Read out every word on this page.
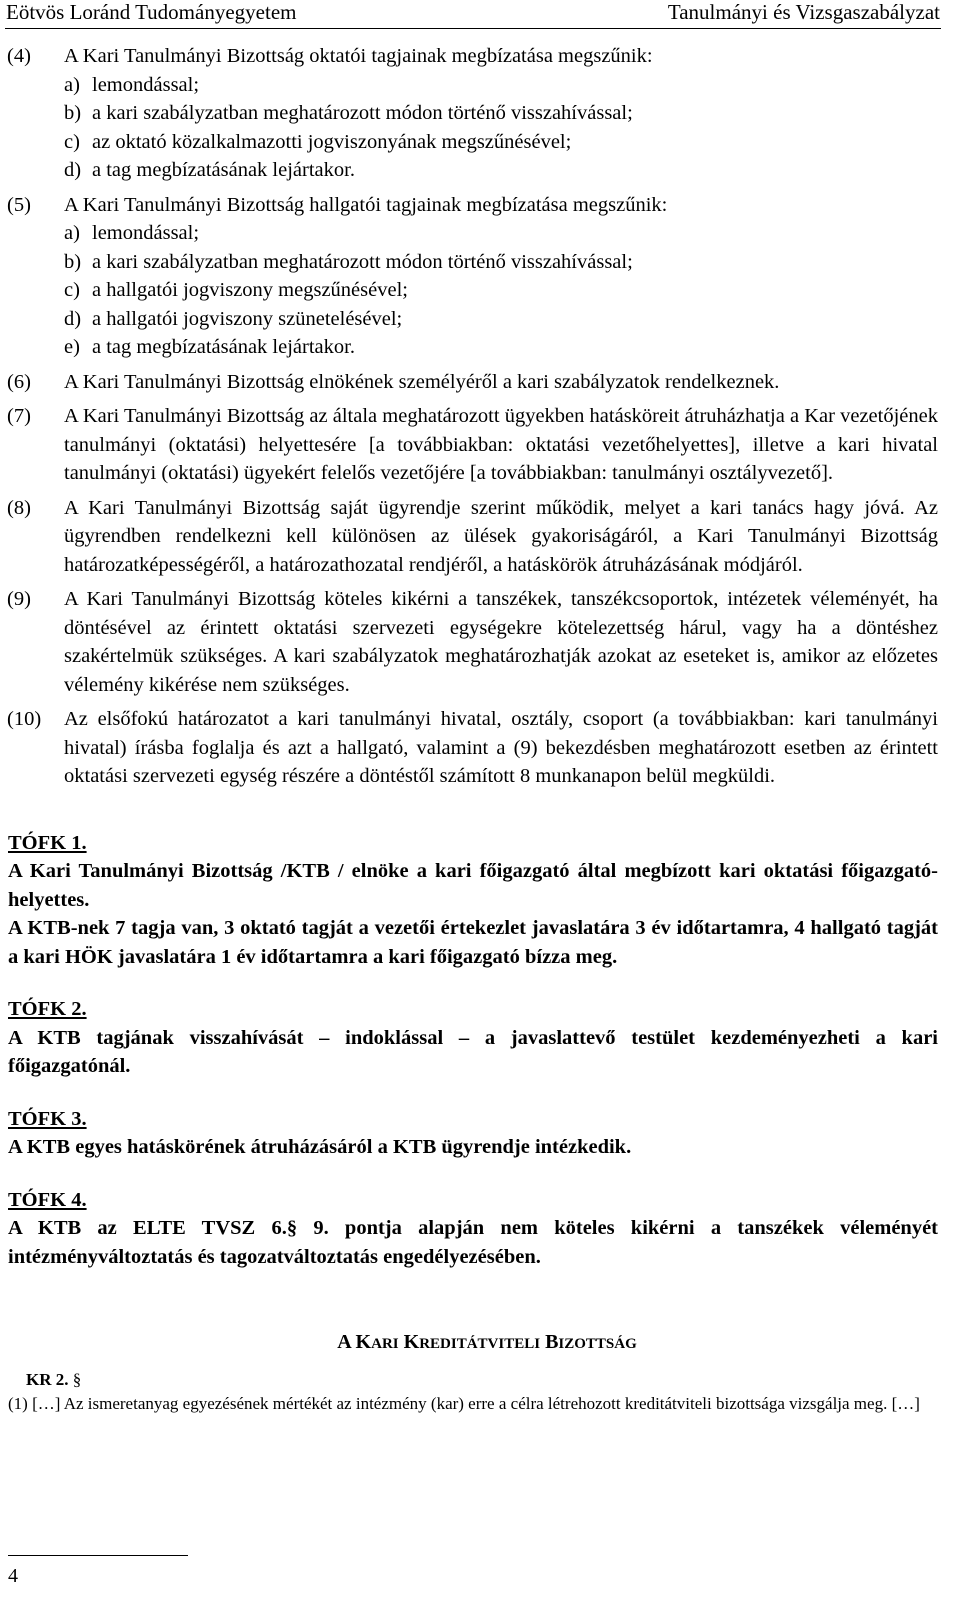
Eötvös Loránd Tudományegyetem	Tanulmányi és Vizsgaszabályzat
(4) A Kari Tanulmányi Bizottság oktatói tagjainak megbízatása megszűnik:
a) lemondással;
b) a kari szabályzatban meghatározott módon történő visszahívással;
c) az oktató közalkalmazotti jogviszonyának megszűnésével;
d) a tag megbízatásának lejártakor.
(5) A Kari Tanulmányi Bizottság hallgatói tagjainak megbízatása megszűnik:
a) lemondással;
b) a kari szabályzatban meghatározott módon történő visszahívással;
c) a hallgatói jogviszony megszűnésével;
d) a hallgatói jogviszony szünetelésével;
e) a tag megbízatásának lejártakor.
(6) A Kari Tanulmányi Bizottság elnökének személyéről a kari szabályzatok rendelkeznek.
(7) A Kari Tanulmányi Bizottság az általa meghatározott ügyekben hatásköreit átruházhatja a Kar vezetőjének tanulmányi (oktatási) helyettesére [a továbbiakban: oktatási vezetőhelyettes], illetve a kari hivatal tanulmányi (oktatási) ügyekért felelős vezetőjére [a továbbiakban: tanulmányi osztályvezető].
(8) A Kari Tanulmányi Bizottság saját ügyrendje szerint működik, melyet a kari tanács hagy jóvá. Az ügyrendben rendelkezni kell különösen az ülések gyakoriságáról, a Kari Tanulmányi Bizottság határozatképességéről, a határozathozatal rendjéről, a hatáskörök átruházásának módjáról.
(9) A Kari Tanulmányi Bizottság köteles kikérni a tanszékek, tanszékcsoportok, intézetek véleményét, ha döntésével az érintett oktatási szervezeti egységekre kötelezettség hárul, vagy ha a döntéshez szakértelmük szükséges. A kari szabályzatok meghatározhatják azokat az eseteket is, amikor az előzetes vélemény kikérése nem szükséges.
(10) Az elsőfokú határozatot a kari tanulmányi hivatal, osztály, csoport (a továbbiakban: kari tanulmányi hivatal) írásba foglalja és azt a hallgató, valamint a (9) bekezdésben meghatározott esetben az érintett oktatási szervezeti egység részére a döntéstől számított 8 munkanapon belül megküldi.
TÓFK 1.
A Kari Tanulmányi Bizottság /KTB / elnöke a kari főigazgató által megbízott kari oktatási főigazgató-helyettes.
A KTB-nek 7 tagja van, 3 oktató tagját a vezetői értekezlet javaslatára 3 év időtartamra, 4 hallgató tagját a kari HÖK javaslatára 1 év időtartamra a kari főigazgató bízza meg.
TÓFK 2.
A KTB tagjának visszahívását – indoklással – a javaslattevő testület kezdeményezheti a kari főigazgatónál.
TÓFK 3.
A KTB egyes hatáskörének átruházásáról a KTB ügyrendje intézkedik.
TÓFK 4.
A KTB az ELTE TVSZ 6.§ 9. pontja alapján nem köteles kikérni a tanszékek véleményét intézményváltoztatás és tagozatváltoztatás engedélyezésében.
A KARI KREDITÁTVITELI BIZOTTSÁG
KR 2. §
(1) […] Az ismeretanyag egyezésének mértékét az intézmény (kar) erre a célra létrehozott kreditátviteli bizottsága vizsgálja meg. […]
4
